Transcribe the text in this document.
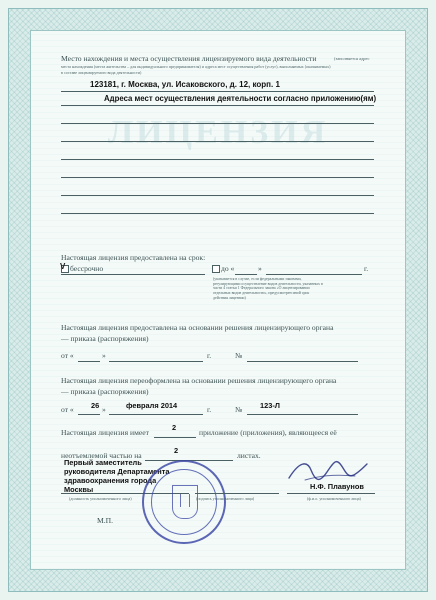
ЛИЦЕНЗИЯ
Место нахождения и места осуществления лицензируемого вида деятельности	(заполняется адрес
места нахождения (места жительства – для индивидуального предпринимателя) и адреса мест осуществления работ (услуг), выполняемых (оказываемых)
в составе лицензируемого вида деятельности)
123181, г. Москва, ул. Исаковского, д. 12, корп. 1
Адреса мест осуществления деятельности согласно приложению(ям)
Настоящая лицензия предоставлена на срок:
V бессрочно	до «	»	г.
(указывается в случае, если федеральными законами, регулирующими осуществление видов деятельности, указанных в части 4 статьи 1 Федерального закона «О лицензировании отдельных видов деятельности», предусмотрен иной срок действия лицензии)
Настоящая лицензия предоставлена на основании решения лицензирующего органа
— приказа (распоряжения)
от «	»	г.	№
Настоящая лицензия переоформлена на основании решения лицензирующего органа
— приказа (распоряжения)
от « 26 »	февраля 2014	г.	№ 123-Л
Настоящая лицензия имеет
2
приложение (приложения), являющееся её
неотъемлемой частью на
2
листах.
Первый заместитель
руководителя Департамента
здравоохранения города
Москвы
(должность уполномоченного лица)	(подпись уполномоченного лица)
Н.Ф. Плавунов
(ф.и.о. уполномоченного лица)
М.П.
